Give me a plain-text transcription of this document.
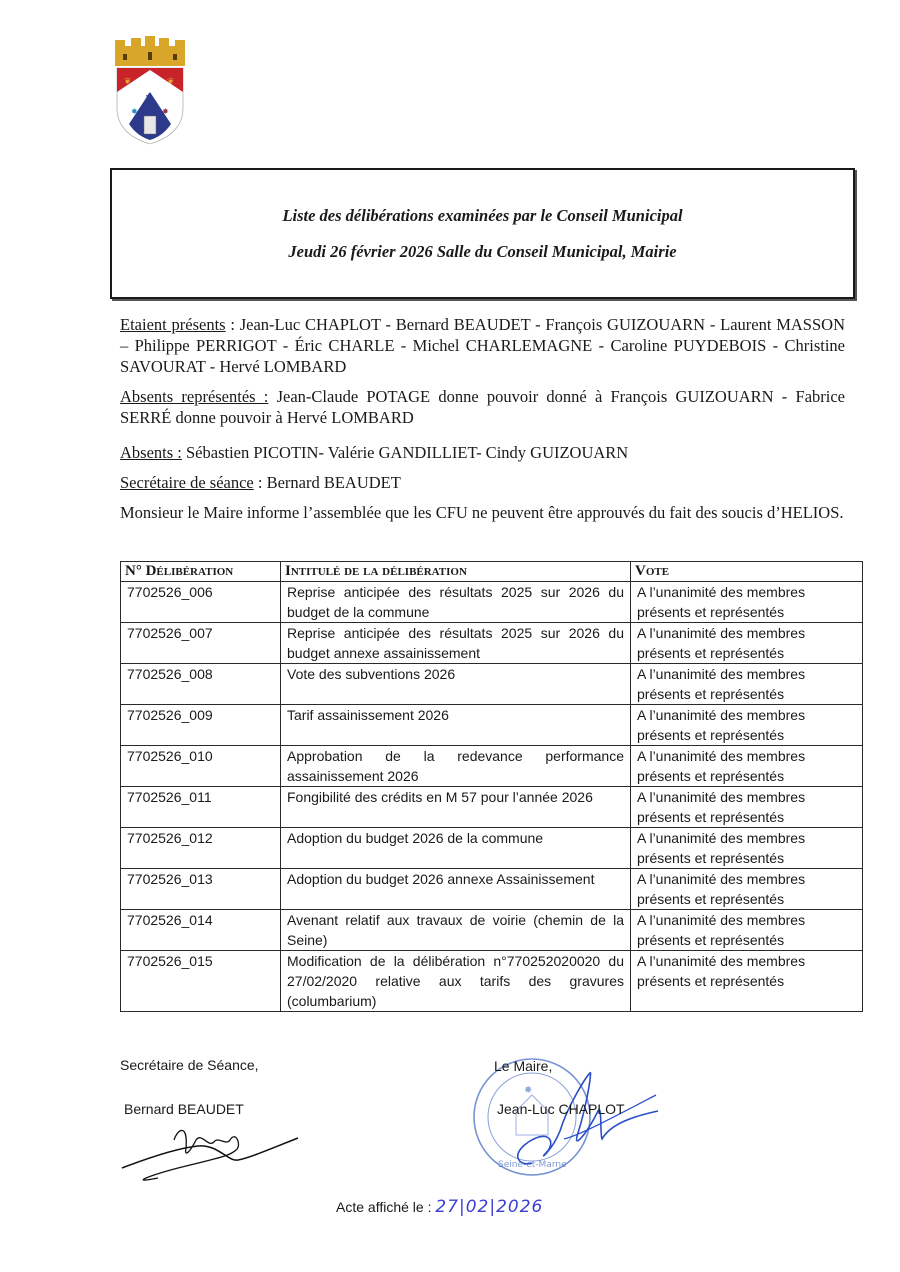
❦	❦
✡
✸	✸
Liste des délibérations examinées par le Conseil Municipal
Jeudi 26 février 2026 Salle du Conseil Municipal, Mairie
Etaient présents : Jean-Luc CHAPLOT - Bernard BEAUDET - François GUIZOUARN - Laurent MASSON – Philippe PERRIGOT - Éric CHARLE - Michel CHARLEMAGNE - Caroline PUYDEBOIS - Christine SAVOURAT - Hervé LOMBARD
Absents représentés : Jean-Claude POTAGE donne pouvoir donné à François GUIZOUARN - Fabrice SERRÉ donne pouvoir à Hervé LOMBARD
Absents : Sébastien PICOTIN- Valérie GANDILLIET- Cindy GUIZOUARN
Secrétaire de séance : Bernard BEAUDET
Monsieur le Maire informe l’assemblée que les CFU ne peuvent être approuvés du fait des soucis d’HELIOS.
N° Délibération	Intitulé de la délibération	Vote
7702526_006	Reprise anticipée des résultats 2025 sur 2026 du budget de la commune	A l’unanimité des membres présents et représentés
7702526_007	Reprise anticipée des résultats 2025 sur 2026 du budget annexe assainissement	A l’unanimité des membres présents et représentés
7702526_008	Vote des subventions 2026	A l’unanimité des membres présents et représentés
7702526_009	Tarif assainissement 2026	A l’unanimité des membres présents et représentés
7702526_010	Approbation de la redevance performance assainissement 2026	A l’unanimité des membres présents et représentés
7702526_011	Fongibilité des crédits en M 57 pour l’année 2026	A l’unanimité des membres présents et représentés
7702526_012	Adoption du budget 2026 de la commune	A l’unanimité des membres présents et représentés
7702526_013	Adoption du budget 2026 annexe Assainissement	A l’unanimité des membres présents et représentés
7702526_014	Avenant relatif aux travaux de voirie (chemin de la Seine)	A l’unanimité des membres présents et représentés
7702526_015	Modification de la délibération n°770252020020 du 27/02/2020 relative aux tarifs des gravures (columbarium)	A l’unanimité des membres présents et représentés
✸
Seine-et-Marne
Secrétaire de Séance,
Bernard BEAUDET
Le Maire,
Jean-Luc CHAPLOT
Acte affiché le : 27|02|2026
